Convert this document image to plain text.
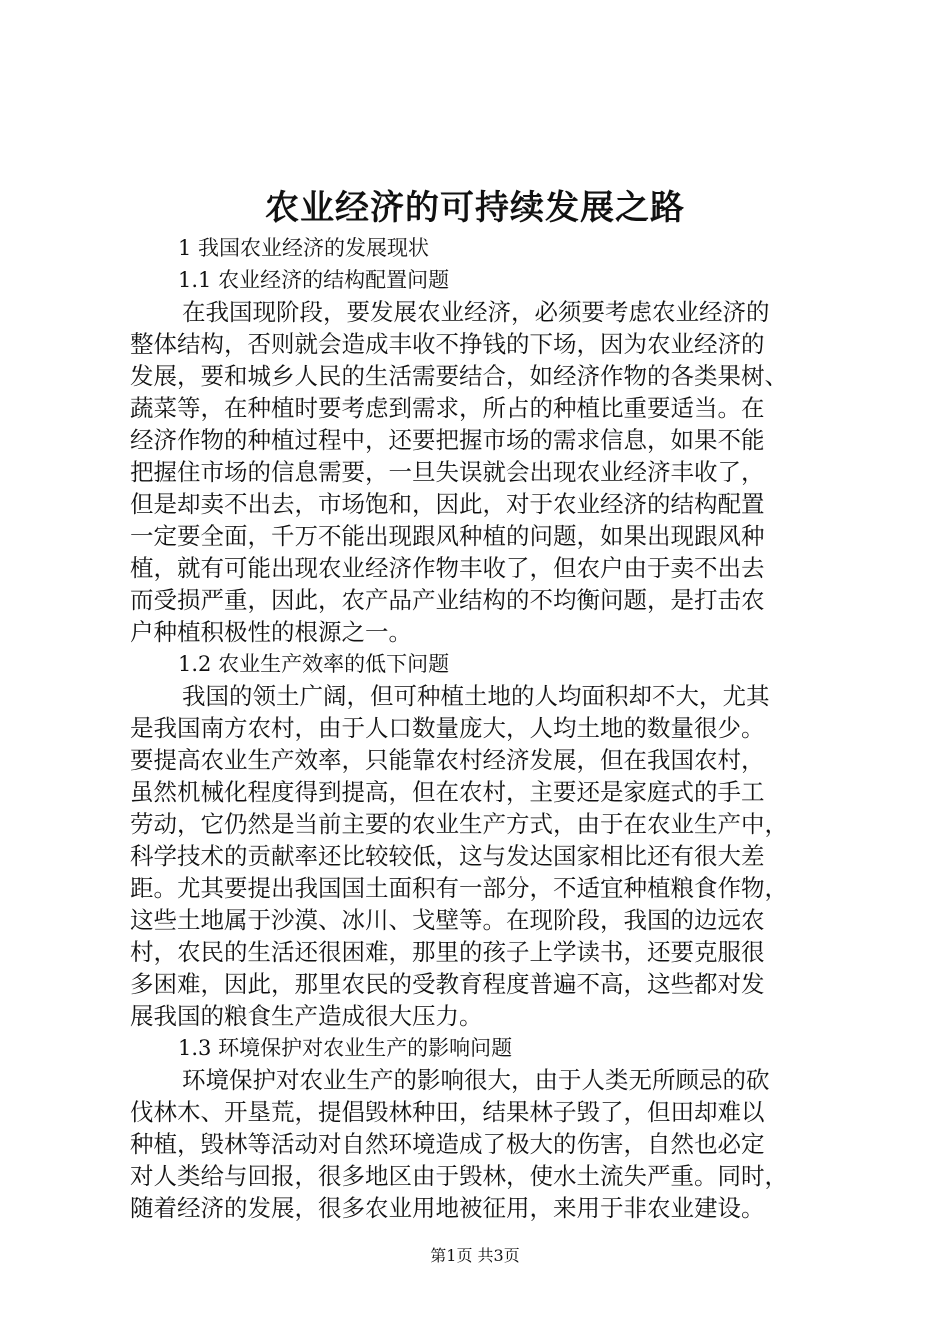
农业经济的可持续发展之路

1 我国农业经济的发展现状

1.1 农业经济的结构配置问题

在我国现阶段，要发展农业经济，必须要考虑农业经济的

整体结构，否则就会造成丰收不挣钱的下场，因为农业经济的

发展，要和城乡人民的生活需要结合，如经济作物的各类果树、

蔬菜等，在种植时要考虑到需求，所占的种植比重要适当。在

经济作物的种植过程中，还要把握市场的需求信息，如果不能

把握住市场的信息需要，一旦失误就会出现农业经济丰收了，

但是却卖不出去，市场饱和，因此，对于农业经济的结构配置

一定要全面，千万不能出现跟风种植的问题，如果出现跟风种

植，就有可能出现农业经济作物丰收了，但农户由于卖不出去

而受损严重，因此，农产品产业结构的不均衡问题，是打击农

户种植积极性的根源之一。

1.2 农业生产效率的低下问题

我国的领土广阔，但可种植土地的人均面积却不大，尤其

是我国南方农村，由于人口数量庞大，人均土地的数量很少。

要提高农业生产效率，只能靠农村经济发展，但在我国农村，

虽然机械化程度得到提高，但在农村，主要还是家庭式的手工

劳动，它仍然是当前主要的农业生产方式，由于在农业生产中，

科学技术的贡献率还比较较低，这与发达国家相比还有很大差

距。尤其要提出我国国土面积有一部分，不适宜种植粮食作物，

这些土地属于沙漠、冰川、戈壁等。在现阶段，我国的边远农

村，农民的生活还很困难，那里的孩子上学读书，还要克服很

多困难，因此，那里农民的受教育程度普遍不高，这些都对发

展我国的粮食生产造成很大压力。

1.3 环境保护对农业生产的影响问题

环境保护对农业生产的影响很大，由于人类无所顾忌的砍

伐林木、开垦荒，提倡毁林种田，结果林子毁了，但田却难以

种植，毁林等活动对自然环境造成了极大的伤害，自然也必定

对人类给与回报，很多地区由于毁林，使水土流失严重。同时，

随着经济的发展，很多农业用地被征用，来用于非农业建设。

第1页 共3页
